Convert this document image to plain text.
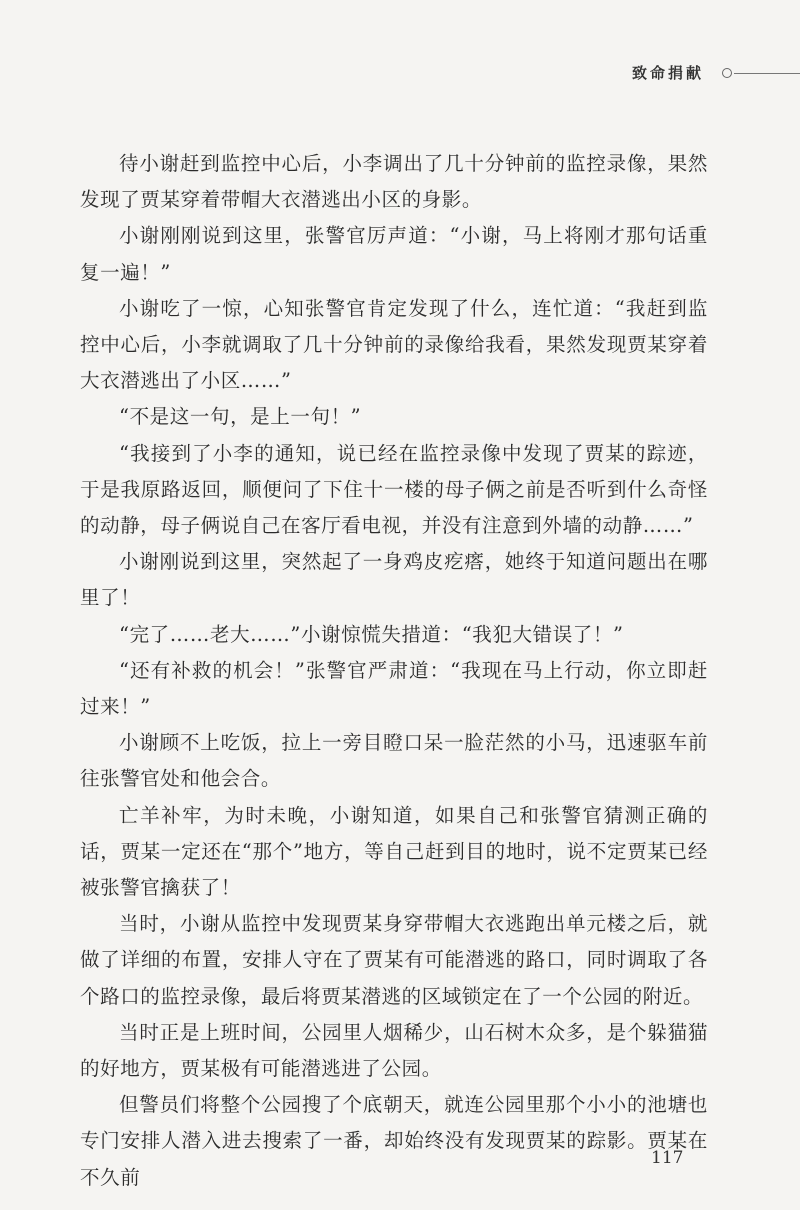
致命捐献

待小谢赶到监控中心后，小李调出了几十分钟前的监控录像，果然发现了贾某穿着带帽大衣潜逃出小区的身影。

小谢刚刚说到这里，张警官厉声道：“小谢，马上将刚才那句话重复一遍！”

小谢吃了一惊，心知张警官肯定发现了什么，连忙道：“我赶到监控中心后，小李就调取了几十分钟前的录像给我看，果然发现贾某穿着大衣潜逃出了小区……”

“不是这一句，是上一句！”

“我接到了小李的通知，说已经在监控录像中发现了贾某的踪迹，于是我原路返回，顺便问了下住十一楼的母子俩之前是否听到什么奇怪的动静，母子俩说自己在客厅看电视，并没有注意到外墙的动静……”

小谢刚说到这里，突然起了一身鸡皮疙瘩，她终于知道问题出在哪里了！

“完了……老大……”小谢惊慌失措道：“我犯大错误了！”

“还有补救的机会！”张警官严肃道：“我现在马上行动，你立即赶过来！”

小谢顾不上吃饭，拉上一旁目瞪口呆一脸茫然的小马，迅速驱车前往张警官处和他会合。

亡羊补牢，为时未晚，小谢知道，如果自己和张警官猜测正确的话，贾某一定还在“那个”地方，等自己赶到目的地时，说不定贾某已经被张警官擒获了！

当时，小谢从监控中发现贾某身穿带帽大衣逃跑出单元楼之后，就做了详细的布置，安排人守在了贾某有可能潜逃的路口，同时调取了各个路口的监控录像，最后将贾某潜逃的区域锁定在了一个公园的附近。

当时正是上班时间，公园里人烟稀少，山石树木众多，是个躲猫猫的好地方，贾某极有可能潜逃进了公园。

但警员们将整个公园搜了个底朝天，就连公园里那个小小的池塘也专门安排人潜入进去搜索了一番，却始终没有发现贾某的踪影。贾某在不久前

117
